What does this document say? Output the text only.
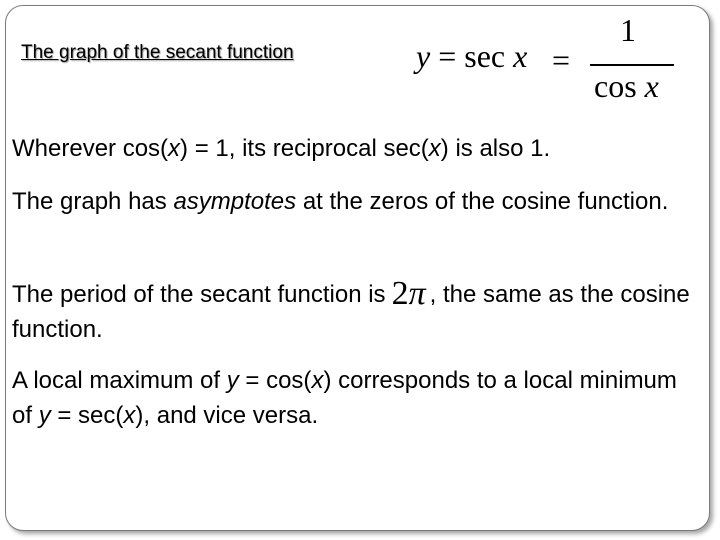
The graph of the secant function	y = sec x =
1
cos x
Wherever cos(x) = 1, its reciprocal sec(x) is also 1.
The graph has asymptotes at the zeros of the cosine function.
The period of the secant function is 2π , the same as the cosine function.
A local maximum of y = cos(x) corresponds to a local minimum of y = sec(x), and vice versa.
